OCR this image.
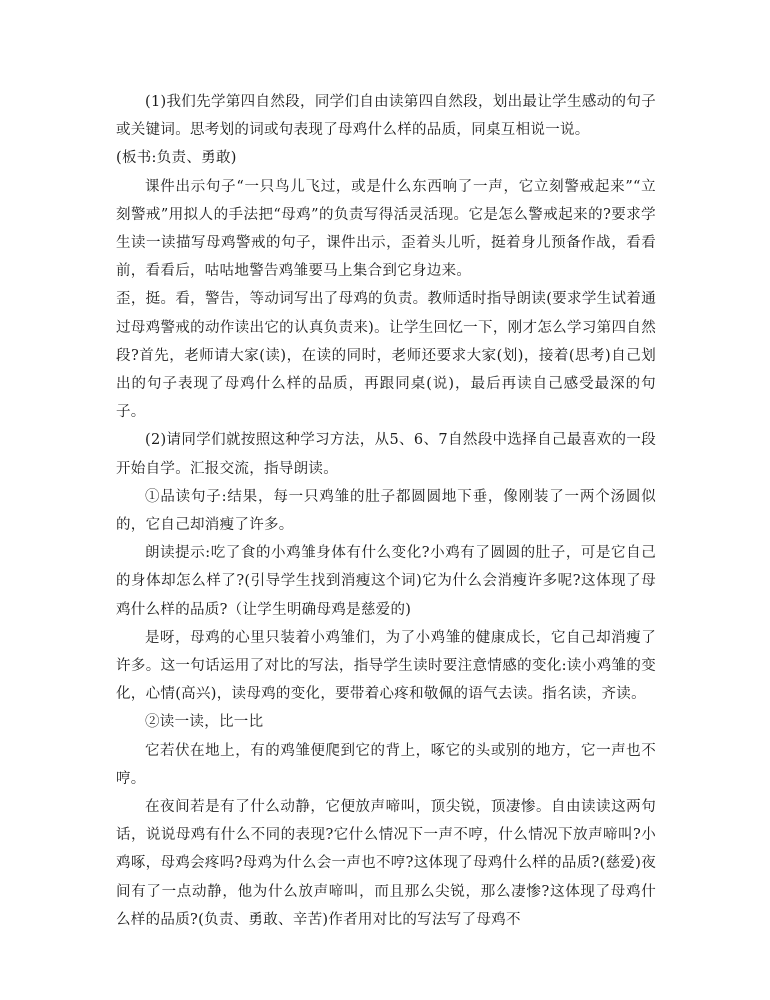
(1)我们先学第四自然段，同学们自由读第四自然段，划出最让学生感动的句子或关键词。思考划的词或句表现了母鸡什么样的品质，同桌互相说一说。

(板书:负责、勇敢)

课件出示句子“一只鸟儿飞过，或是什么东西响了一声，它立刻警戒起来”“立刻警戒”用拟人的手法把“母鸡”的负责写得活灵活现。它是怎么警戒起来的?要求学生读一读描写母鸡警戒的句子，课件出示，歪着头儿听，挺着身儿预备作战，看看前，看看后，咕咕地警告鸡雏要马上集合到它身边来。

歪，挺。看，警告，等动词写出了母鸡的负责。教师适时指导朗读(要求学生试着通过母鸡警戒的动作读出它的认真负责来)。让学生回忆一下，刚才怎么学习第四自然段?首先，老师请大家(读)，在读的同时，老师还要求大家(划)，接着(思考)自己划出的句子表现了母鸡什么样的品质，再跟同桌(说)，最后再读自己感受最深的句子。

(2)请同学们就按照这种学习方法，从5、6、7自然段中选择自己最喜欢的一段开始自学。汇报交流，指导朗读。

①品读句子:结果，每一只鸡雏的肚子都圆圆地下垂，像刚装了一两个汤圆似的，它自己却消瘦了许多。

朗读提示:吃了食的小鸡雏身体有什么变化?小鸡有了圆圆的肚子，可是它自己的身体却怎么样了?(引导学生找到消瘦这个词)它为什么会消瘦许多呢?这体现了母鸡什么样的品质?（让学生明确母鸡是慈爱的)

是呀，母鸡的心里只装着小鸡雏们，为了小鸡雏的健康成长，它自己却消瘦了许多。这一句话运用了对比的写法，指导学生读时要注意情感的变化:读小鸡雏的变化，心情(高兴)，读母鸡的变化，要带着心疼和敬佩的语气去读。指名读，齐读。

②读一读，比一比

它若伏在地上，有的鸡雏便爬到它的背上，啄它的头或别的地方，它一声也不哼。

在夜间若是有了什么动静，它便放声啼叫，顶尖锐，顶凄惨。自由读读这两句话，说说母鸡有什么不同的表现?它什么情况下一声不哼，什么情况下放声啼叫?小鸡啄，母鸡会疼吗?母鸡为什么会一声也不哼?这体现了母鸡什么样的品质?(慈爱)夜间有了一点动静，他为什么放声啼叫，而且那么尖锐，那么凄惨?这体现了母鸡什么样的品质?(负责、勇敢、辛苦)作者用对比的写法写了母鸡不
